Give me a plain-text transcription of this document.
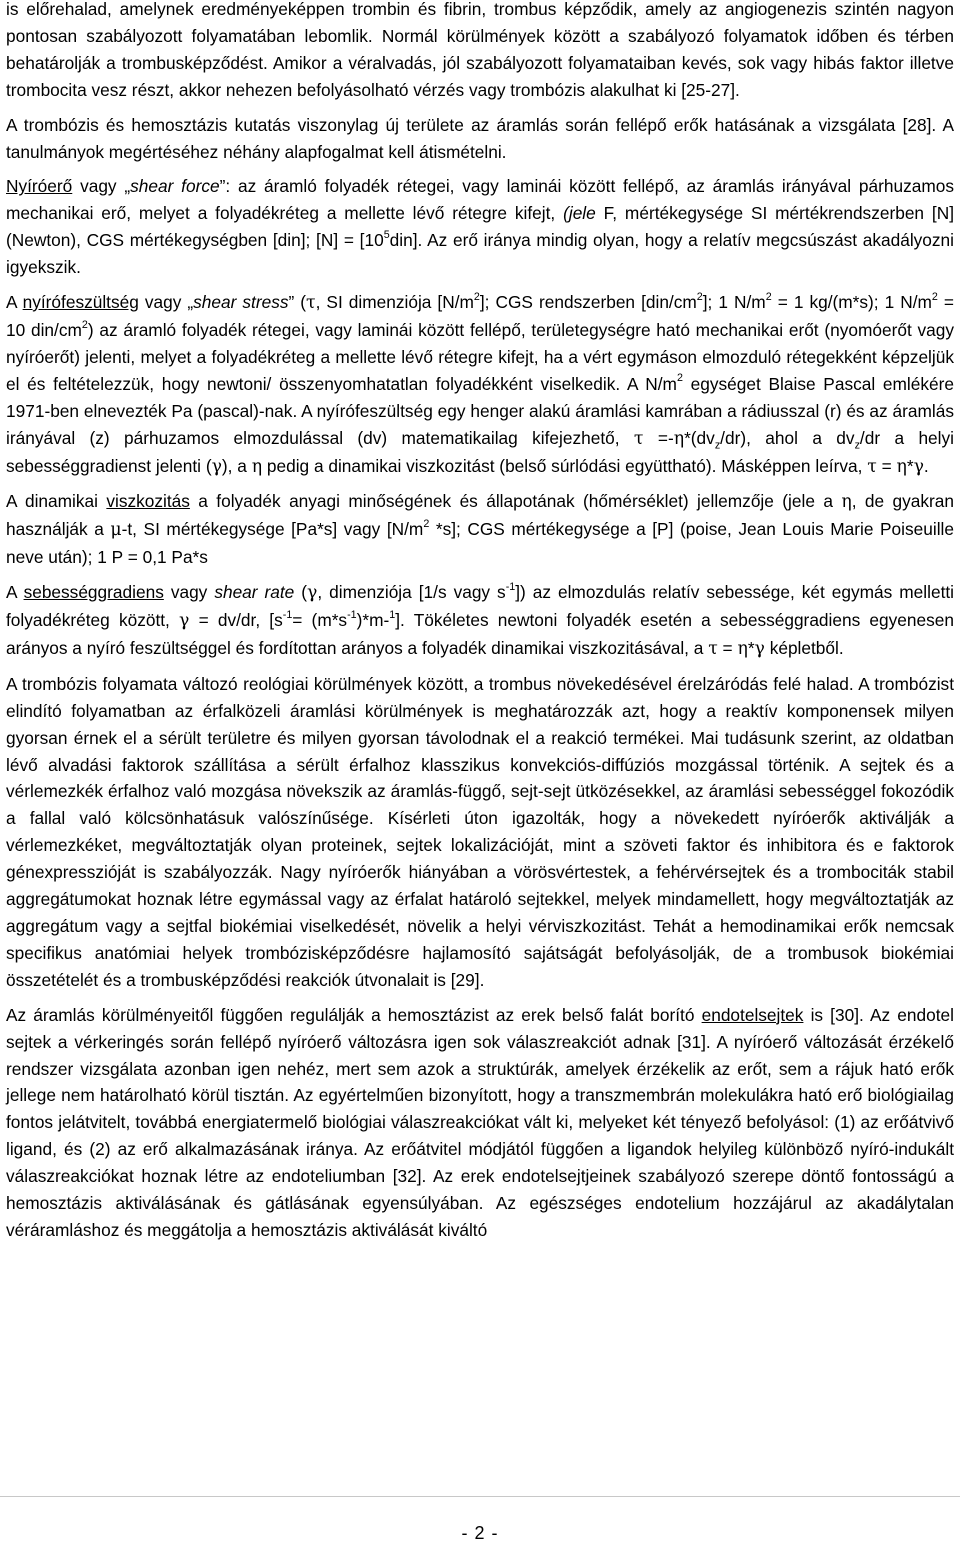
is előrehalad, amelynek eredményeképpen trombin és fibrin, trombus képződik, amely az angiogenezis szintén nagyon pontosan szabályozott folyamatában lebomlik. Normál körülmények között a szabályozó folyamatok időben és térben behatárolják a trombusképződést. Amikor a véralvadás, jól szabályozott folyamataiban kevés, sok vagy hibás faktor illetve trombocita vesz részt, akkor nehezen befolyásolható vérzés vagy trombózis alakulhat ki [25-27].

A trombózis és hemosztázis kutatás viszonylag új területe az áramlás során fellépő erők hatásának a vizsgálata [28]. A tanulmányok megértéséhez néhány alapfogalmat kell átismételni.

Nyíróerő vagy „shear force”: az áramló folyadék rétegei, vagy laminái között fellépő, az áramlás irányával párhuzamos mechanikai erő, melyet a folyadékréteg a mellette lévő rétegre kifejt, (jele F, mértékegysége SI mértékrendszerben [N] (Newton), CGS mértékegységben [din]; $[N] = [10^5din]$. Az erő iránya mindig olyan, hogy a relatív megcsúszást akadályozni igyekszik.

A nyírófeszültség vagy „shear stress” (τ, SI dimenziója $[N/m^2]$; CGS rendszerben $[din/cm^2]$; 1 $N/m^2 = 1$ kg/(m*s); 1 $N/m^2 = 10$ din/$cm^2$) az áramló folyadék rétegei, vagy laminái között fellépő, területegységre ható mechanikai erőt (nyomóerőt vagy nyíróerőt) jelenti, melyet a folyadékréteg a mellette lévő rétegre kifejt, ha a vért egymáson elmozduló rétegekként képzeljük el és feltételezzük, hogy newtoni/ összenyomhatatlan folyadékként viselkedik. A $N/m^2$ egységet Blaise Pascal emlékére 1971-ben elnevezték Pa (pascal)-nak. A nyírófeszültség egy henger alakú áramlási kamrában a rádiusszal (r) és az áramlás irányával (z) párhuzamos elmozdulással (dv) matematikailag kifejezhető, $\tau =-\eta*(dv_z/dr)$, ahol a $dv_z/dr$ a helyi sebességgradienst jelenti (γ), a η pedig a dinamikai viszkozitást (belső súrlódási együttható). Másképpen leírva, τ = η*γ.

A dinamikai viszkozitás a folyadék anyagi minőségének és állapotának (hőmérséklet) jellemzője (jele a η, de gyakran használják a μ-t, SI mértékegysége [Pa*s] vagy [$N/m^2$ *s]; CGS mértékegysége a [P] (poise, Jean Louis Marie Poiseuille neve után); 1 P = 0,1 Pa*s

A sebességgradiens vagy shear rate (γ, dimenziója [1/s vagy $s^{-1}$]) az elmozdulás relatív sebessége, két egymás melletti folyadékréteg között, γ = dv/dr, $[s^{-1}= (m*s^{-1})*m-^1]$. Tökéletes newtoni folyadék esetén a sebességgradiens egyenesen arányos a nyíró feszültséggel és fordítottan arányos a folyadék dinamikai viszkozitásával, a τ = η*γ képletből.

A trombózis folyamata változó reológiai körülmények között, a trombus növekedésével érelzáródás felé halad. A trombózist elindító folyamatban az érfalközeli áramlási körülmények is meghatározzák azt, hogy a reaktív komponensek milyen gyorsan érnek el a sérült területre és milyen gyorsan távolodnak el a reakció termékei. Mai tudásunk szerint, az oldatban lévő alvadási faktorok szállítása a sérült érfalhoz klasszikus konvekciós-diffúziós mozgással történik. A sejtek és a vérlemezkék érfalhoz való mozgása növekszik az áramlás-függő, sejt-sejt ütközésekkel, az áramlási sebességgel fokozódik a fallal való kölcsönhatásuk valószínűsége. Kísérleti úton igazolták, hogy a növekedett nyíróerők aktiválják a vérlemezkéket, megváltoztatják olyan proteinek, sejtek lokalizációját, mint a szöveti faktor és inhibitora és e faktorok génexpresszióját is szabályozzák. Nagy nyíróerők hiányában a vörösvértestek, a fehérvérsejtek és a trombociták stabil aggregátumokat hoznak létre egymással vagy az érfalat határoló sejtekkel, melyek mindamellett, hogy megváltoztatják az aggregátum vagy a sejtfal biokémiai viselkedését, növelik a helyi vérviszkozitást. Tehát a hemodinamikai erők nemcsak specifikus anatómiai helyek trombózisképződésre hajlamosító sajátságát befolyásolják, de a trombusok biokémiai összetételét és a trombusképződési reakciók útvonalait is [29].

Az áramlás körülményeitől függően regulálják a hemosztázist az erek belső falát borító endotelsejtek is [30]. Az endotel sejtek a vérkeringés során fellépő nyíróerő változásra igen sok válaszreakciót adnak [31]. A nyíróerő változását érzékelő rendszer vizsgálata azonban igen nehéz, mert sem azok a struktúrák, amelyek érzékelik az erőt, sem a rájuk ható erők jellege nem határolható körül tisztán. Az egyértelműen bizonyított, hogy a transzmembrán molekulákra ható erő biológiailag fontos jelátvitelt, továbbá energiatermelő biológiai válaszreakciókat vált ki, melyeket két tényező befolyásol: (1) az erőátvivő ligand, és (2) az erő alkalmazásának iránya. Az erőátvitel módjától függően a ligandok helyileg különböző nyíró-indukált válaszreakciókat hoznak létre az endoteliumban [32]. Az erek endotelsejtjeinek szabályozó szerepe döntő fontosságú a hemosztázis aktiválásának és gátlásának egyensúlyában. Az egészséges endotelium hozzájárul az akadálytalan véráramláshoz és meggátolja a hemosztázis aktiválását kiváltó

- 2 -
